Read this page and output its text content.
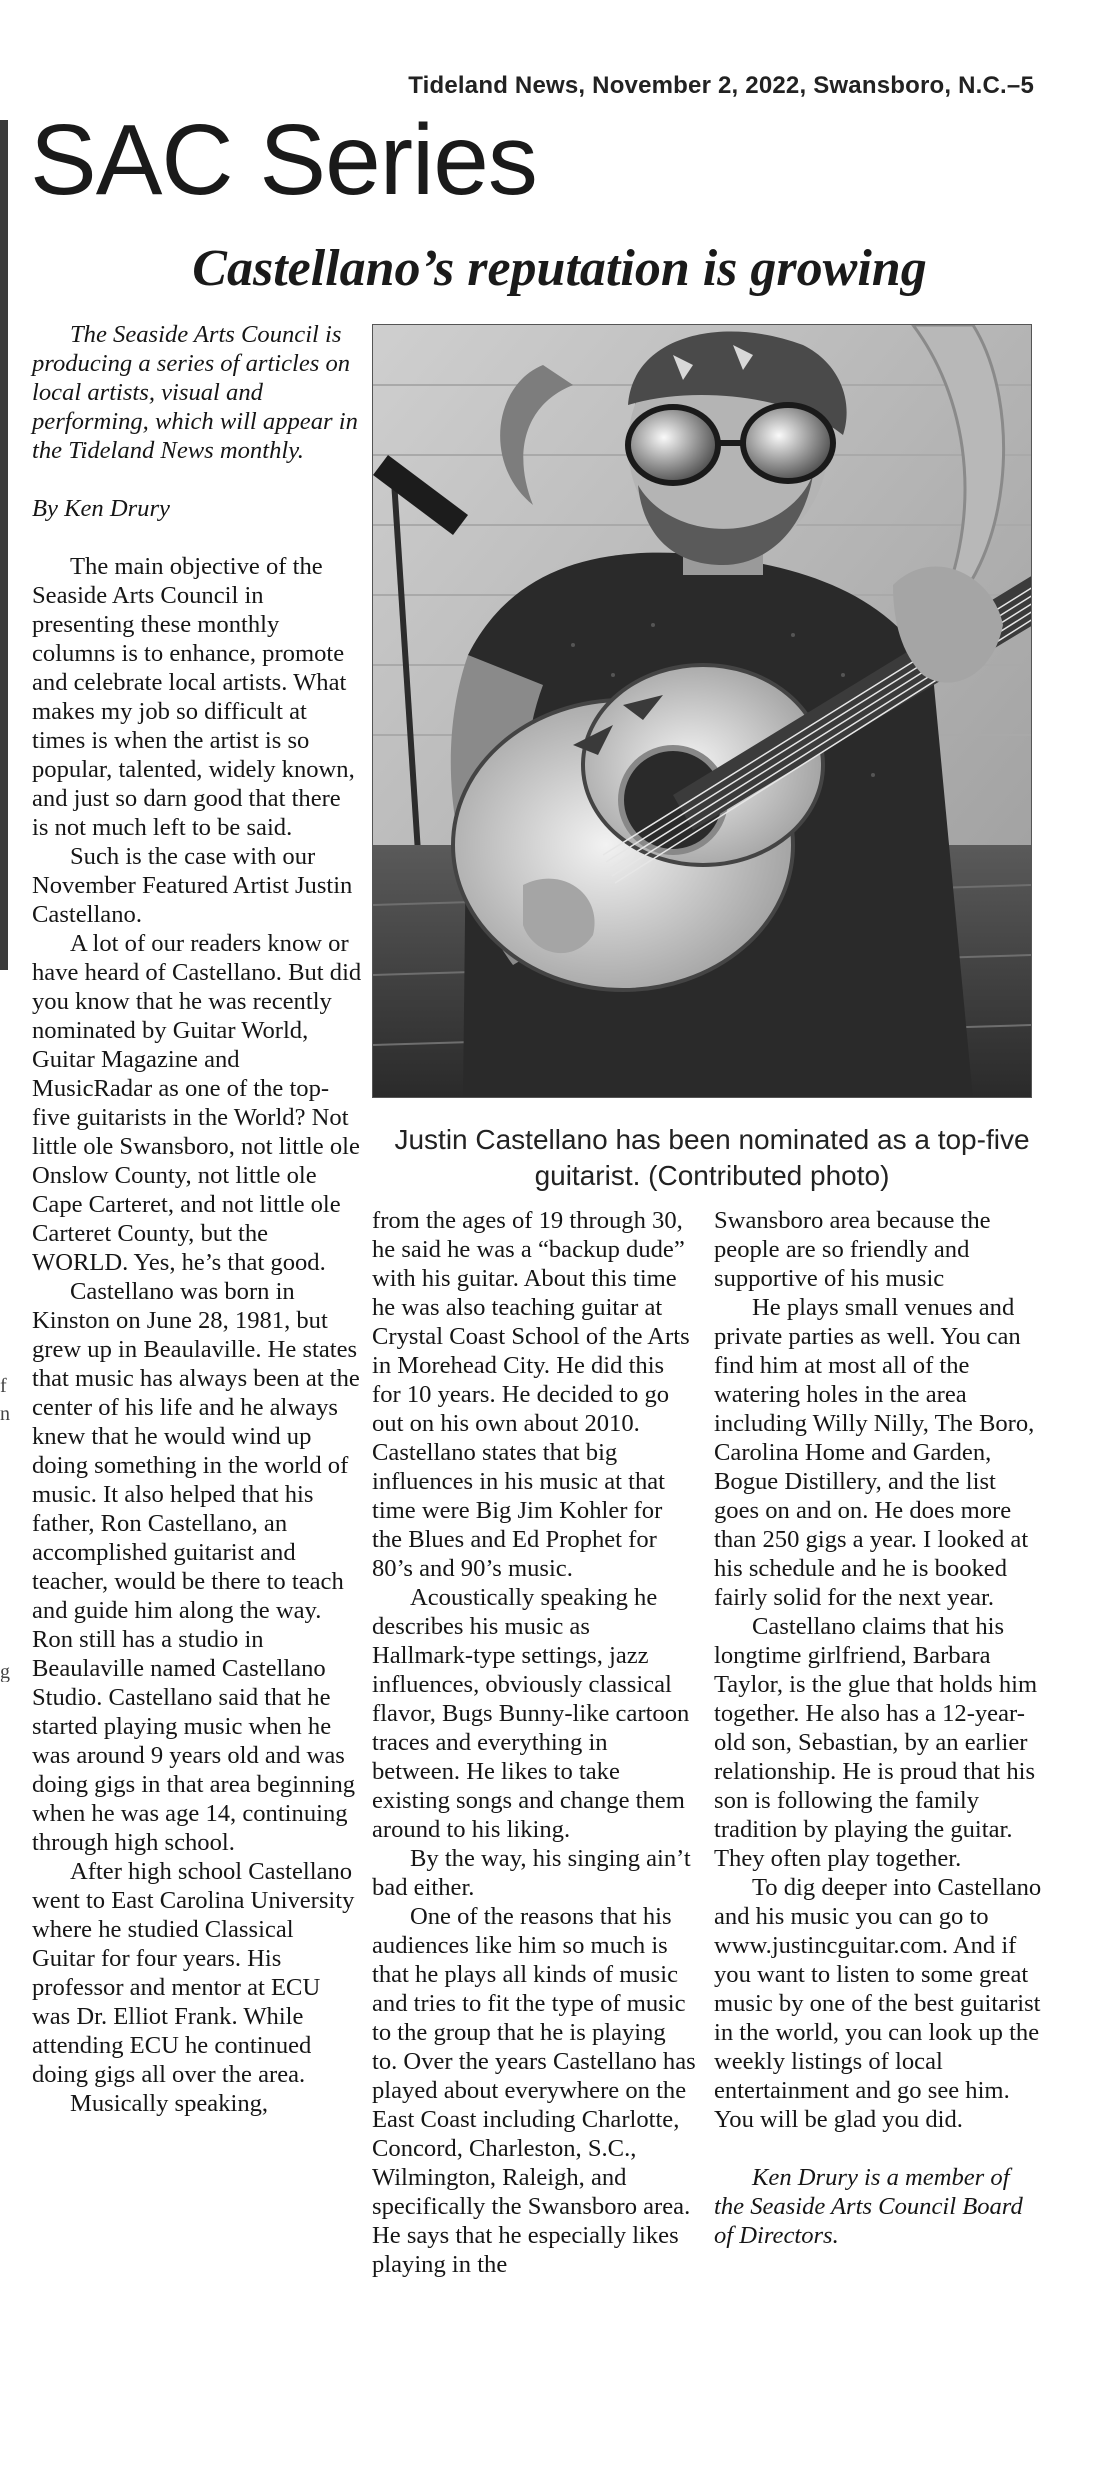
f
n
g
Tideland News, November 2, 2022, Swansboro, N.C.–5
SAC Series
Castellano’s reputation is growing
Justin Castellano has been nominated as a top-five guitarist. (Contributed photo)

The Seaside Arts Council is producing a series of articles on local artists, visual and performing, which will appear in the Tideland News monthly.

By Ken Drury

The main objective of the Seaside Arts Council in presenting these monthly columns is to enhance, promote and celebrate local artists. What makes my job so difficult at times is when the artist is so popular, talented, widely known, and just so darn good that there is not much left to be said.

Such is the case with our November Featured Artist Justin Castellano.

A lot of our readers know or have heard of Castellano. But did you know that he was recently nominated by Guitar World, Guitar Magazine and MusicRadar as one of the top-five guitarists in the World? Not little ole Swansboro, not little ole Onslow County, not little ole Cape Carteret, and not little ole Carteret County, but the WORLD. Yes, he’s that good.

Castellano was born in Kinston on June 28, 1981, but grew up in Beaulaville. He states that music has always been at the center of his life and he always knew that he would wind up doing something in the world of music. It also helped that his father, Ron Castellano, an accomplished guitarist and teacher, would be there to teach and guide him along the way. Ron still has a studio in Beaulaville named Castellano Studio. Castellano said that he started playing music when he was around 9 years old and was doing gigs in that area beginning when he was age 14, continuing through high school.

After high school Castellano went to East Carolina University where he studied Classical Guitar for four years. His professor and mentor at ECU was Dr. Elliot Frank. While attending ECU he continued doing gigs all over the area.

Musically speaking,

from the ages of 19 through 30, he said he was a “backup dude” with his guitar. About this time he was also teaching guitar at Crystal Coast School of the Arts in Morehead City. He did this for 10 years. He decided to go out on his own about 2010. Castellano states that big influences in his music at that time were Big Jim Kohler for the Blues and Ed Prophet for 80’s and 90’s music.

Acoustically speaking he describes his music as Hallmark-type settings, jazz influences, obviously classical flavor, Bugs Bunny-like cartoon traces and everything in between. He likes to take existing songs and change them around to his liking.

By the way, his singing ain’t bad either.

One of the reasons that his audiences like him so much is that he plays all kinds of music and tries to fit the type of music to the group that he is playing to. Over the years Castellano has played about everywhere on the East Coast including Charlotte, Concord, Charleston, S.C., Wilmington, Raleigh, and specifically the Swansboro area. He says that he especially likes playing in the

Swansboro area because the people are so friendly and supportive of his music

He plays small venues and private parties as well. You can find him at most all of the watering holes in the area including Willy Nilly, The Boro, Carolina Home and Garden, Bogue Distillery, and the list goes on and on. He does more than 250 gigs a year. I looked at his schedule and he is booked fairly solid for the next year.

Castellano claims that his longtime girlfriend, Barbara Taylor, is the glue that holds him together. He also has a 12-year-old son, Sebastian, by an earlier relationship. He is proud that his son is following the family tradition by playing the guitar. They often play together.

To dig deeper into Castellano and his music you can go to www.justincguitar.com. And if you want to listen to some great music by one of the best guitarist in the world, you can look up the weekly listings of local entertainment and go see him. You will be glad you did.

Ken Drury is a member of the Seaside Arts Council Board of Directors.
